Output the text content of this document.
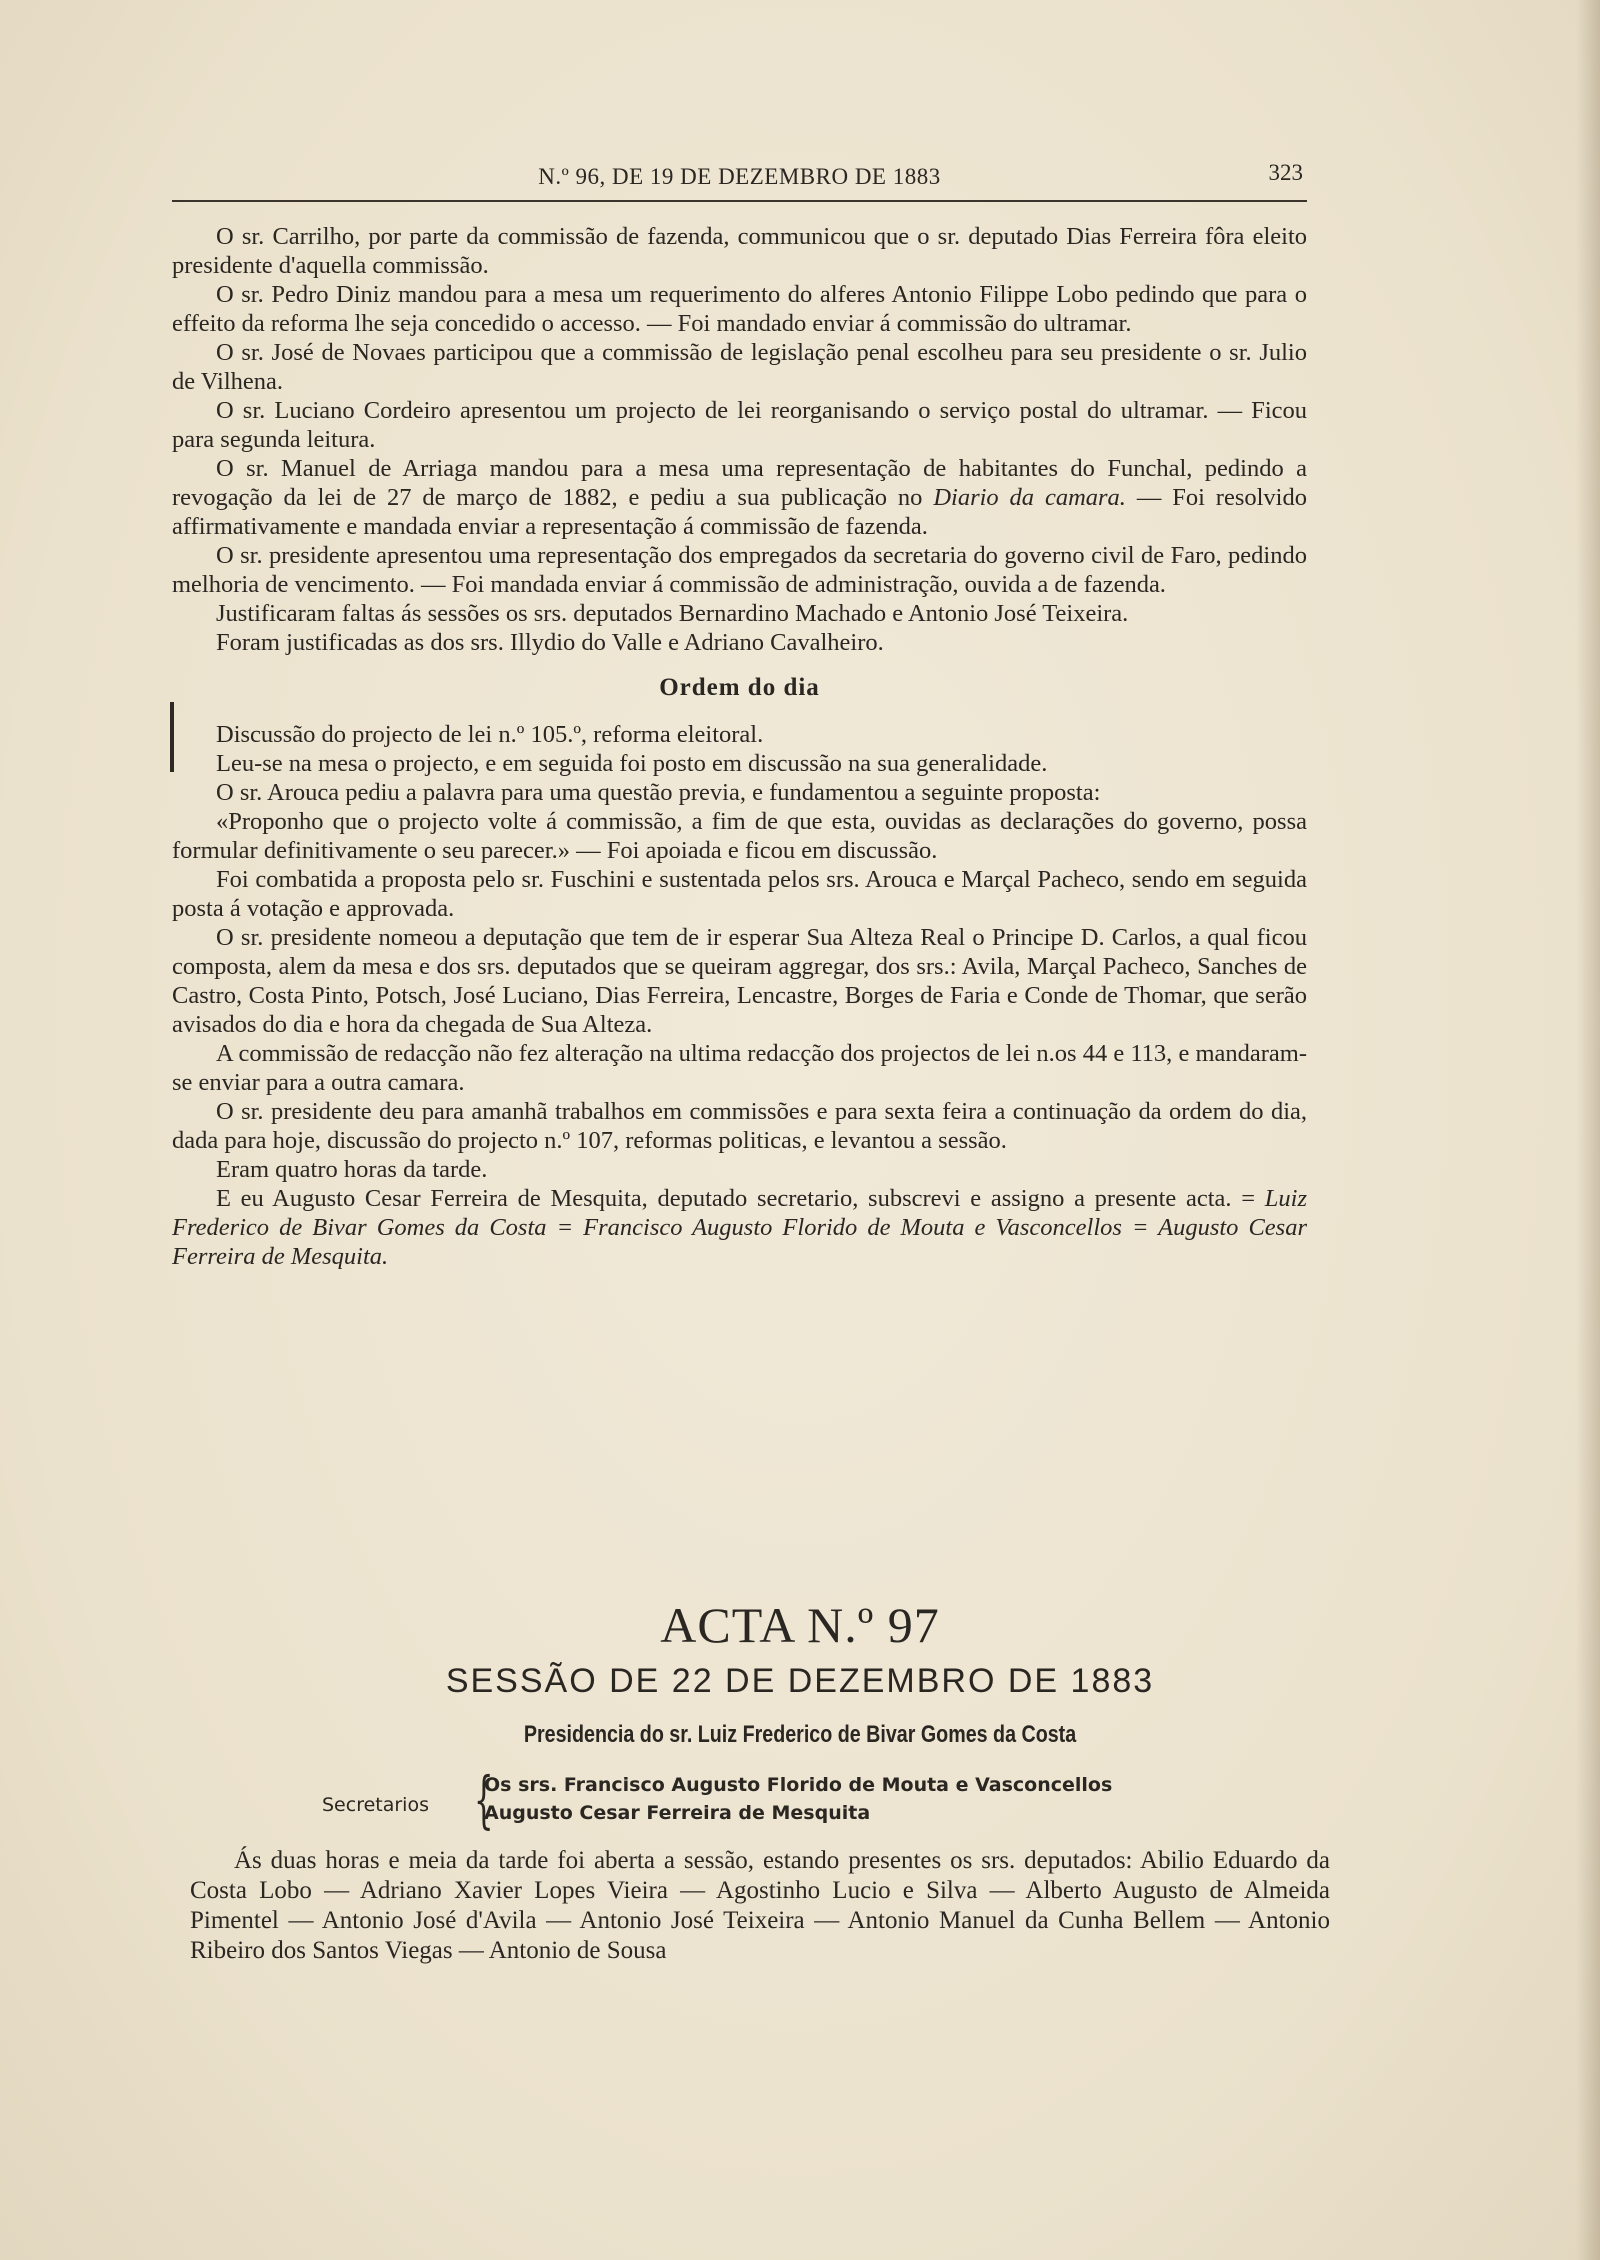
N.º 96, DE 19 DE DEZEMBRO DE 1883	323

O sr. Carrilho, por parte da commissão de fazenda, communicou que o sr. deputado Dias Ferreira fôra eleito presidente d'aquella commissão.

O sr. Pedro Diniz mandou para a mesa um requerimento do alferes Antonio Filippe Lobo pedindo que para o effeito da reforma lhe seja concedido o accesso. — Foi mandado enviar á commissão do ultramar.

O sr. José de Novaes participou que a commissão de legislação penal escolheu para seu presidente o sr. Julio de Vilhena.

O sr. Luciano Cordeiro apresentou um projecto de lei reorganisando o serviço postal do ultramar. — Ficou para segunda leitura.

O sr. Manuel de Arriaga mandou para a mesa uma representação de habitantes do Funchal, pedindo a revogação da lei de 27 de março de 1882, e pediu a sua publicação no Diario da camara. — Foi resolvido affirmativamente e mandada enviar a representação á commissão de fazenda.

O sr. presidente apresentou uma representação dos empregados da secretaria do governo civil de Faro, pedindo melhoria de vencimento. — Foi mandada enviar á commissão de administração, ouvida a de fazenda.

Justificaram faltas ás sessões os srs. deputados Bernardino Machado e Antonio José Teixeira.

Foram justificadas as dos srs. Illydio do Valle e Adriano Cavalheiro.

Ordem do dia

Discussão do projecto de lei n.º 105.º, reforma eleitoral.

Leu-se na mesa o projecto, e em seguida foi posto em discussão na sua generalidade.

O sr. Arouca pediu a palavra para uma questão previa, e fundamentou a seguinte proposta:

«Proponho que o projecto volte á commissão, a fim de que esta, ouvidas as declarações do governo, possa formular definitivamente o seu parecer.» — Foi apoiada e ficou em discussão.

Foi combatida a proposta pelo sr. Fuschini e sustentada pelos srs. Arouca e Marçal Pacheco, sendo em seguida posta á votação e approvada.

O sr. presidente nomeou a deputação que tem de ir esperar Sua Alteza Real o Principe D. Carlos, a qual ficou composta, alem da mesa e dos srs. deputados que se queiram aggregar, dos srs.: Avila, Marçal Pacheco, Sanches de Castro, Costa Pinto, Potsch, José Luciano, Dias Ferreira, Lencastre, Borges de Faria e Conde de Thomar, que serão avisados do dia e hora da chegada de Sua Alteza.

A commissão de redacção não fez alteração na ultima redacção dos projectos de lei n.os 44 e 113, e mandaram-se enviar para a outra camara.

O sr. presidente deu para amanhã trabalhos em commissões e para sexta feira a continuação da ordem do dia, dada para hoje, discussão do projecto n.º 107, reformas politicas, e levantou a sessão.

Eram quatro horas da tarde.

E eu Augusto Cesar Ferreira de Mesquita, deputado secretario, subscrevi e assigno a presente acta. = Luiz Frederico de Bivar Gomes da Costa = Francisco Augusto Florido de Mouta e Vasconcellos = Augusto Cesar Ferreira de Mesquita.

ACTA N.º 97
SESSÃO DE 22 DE DEZEMBRO DE 1883
Presidencia do sr. Luiz Frederico de Bivar Gomes da Costa
Secretarios {
Os srs. Francisco Augusto Florido de Mouta e Vasconcellos
Augusto Cesar Ferreira de Mesquita

Ás duas horas e meia da tarde foi aberta a sessão, estando presentes os srs. deputados: Abilio Eduardo da Costa Lobo — Adriano Xavier Lopes Vieira — Agostinho Lucio e Silva — Alberto Augusto de Almeida Pimentel — Antonio José d'Avila — Antonio José Teixeira — Antonio Manuel da Cunha Bellem — Antonio Ribeiro dos Santos Viegas — Antonio de Sousa
